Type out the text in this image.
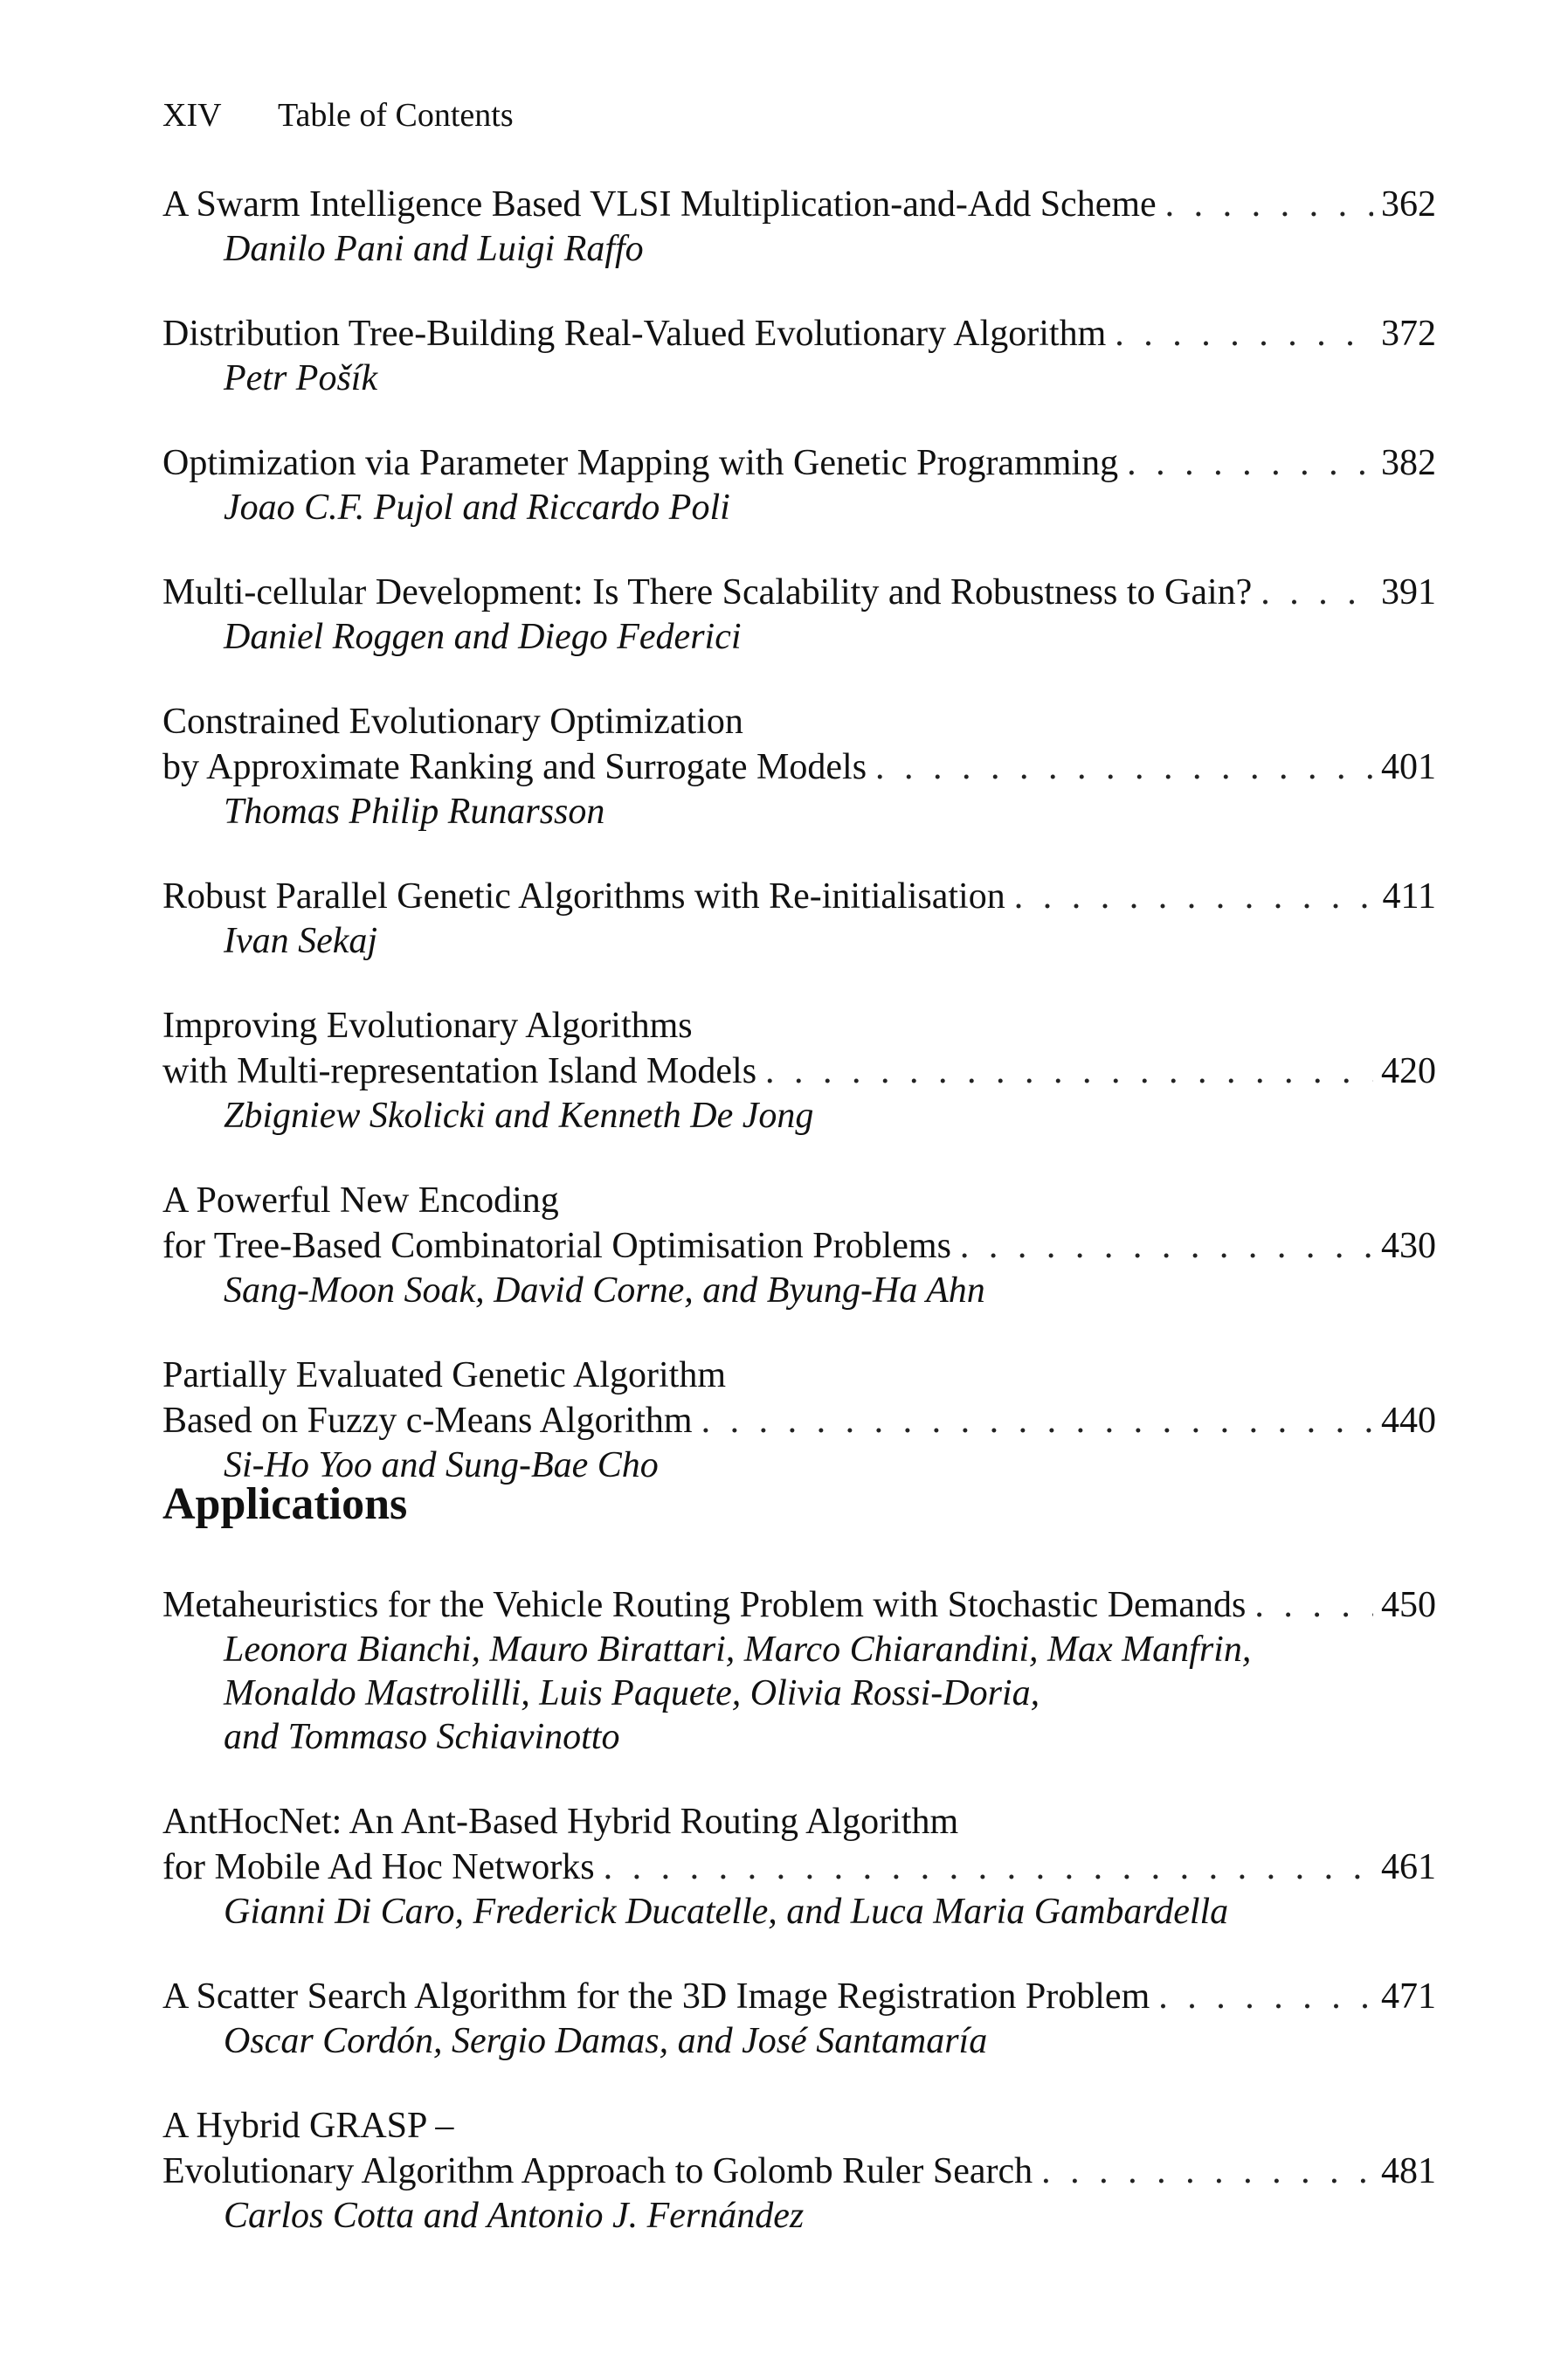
XIV Table of Contents
A Swarm Intelligence Based VLSI Multiplication-and-Add Scheme . . .	362
Danilo Pani and Luigi Raffo
Distribution Tree-Building Real-Valued Evolutionary Algorithm . . .	372
Petr Pošík
Optimization via Parameter Mapping with Genetic Programming . . .	382
Joao C.F. Pujol and Riccardo Poli
Multi-cellular Development: Is There Scalability and Robustness to Gain? . . .	391
Daniel Roggen and Diego Federici
Constrained Evolutionary Optimization
by Approximate Ranking and Surrogate Models . . .	401
Thomas Philip Runarsson
Robust Parallel Genetic Algorithms with Re-initialisation . . .	411
Ivan Sekaj
Improving Evolutionary Algorithms
with Multi-representation Island Models . . .	420
Zbigniew Skolicki and Kenneth De Jong
A Powerful New Encoding
for Tree-Based Combinatorial Optimisation Problems . . .	430
Sang-Moon Soak, David Corne, and Byung-Ha Ahn
Partially Evaluated Genetic Algorithm
Based on Fuzzy c-Means Algorithm . . .	440
Si-Ho Yoo and Sung-Bae Cho
Applications
Metaheuristics for the Vehicle Routing Problem with Stochastic Demands . . .	450
Leonora Bianchi, Mauro Birattari, Marco Chiarandini, Max Manfrin,
Monaldo Mastrolilli, Luis Paquete, Olivia Rossi-Doria,
and Tommaso Schiavinotto
AntHocNet: An Ant-Based Hybrid Routing Algorithm
for Mobile Ad Hoc Networks . . .	461
Gianni Di Caro, Frederick Ducatelle, and Luca Maria Gambardella
A Scatter Search Algorithm for the 3D Image Registration Problem . . .	471
Oscar Cordón, Sergio Damas, and José Santamaría
A Hybrid GRASP –
Evolutionary Algorithm Approach to Golomb Ruler Search . . .	481
Carlos Cotta and Antonio J. Fernández
